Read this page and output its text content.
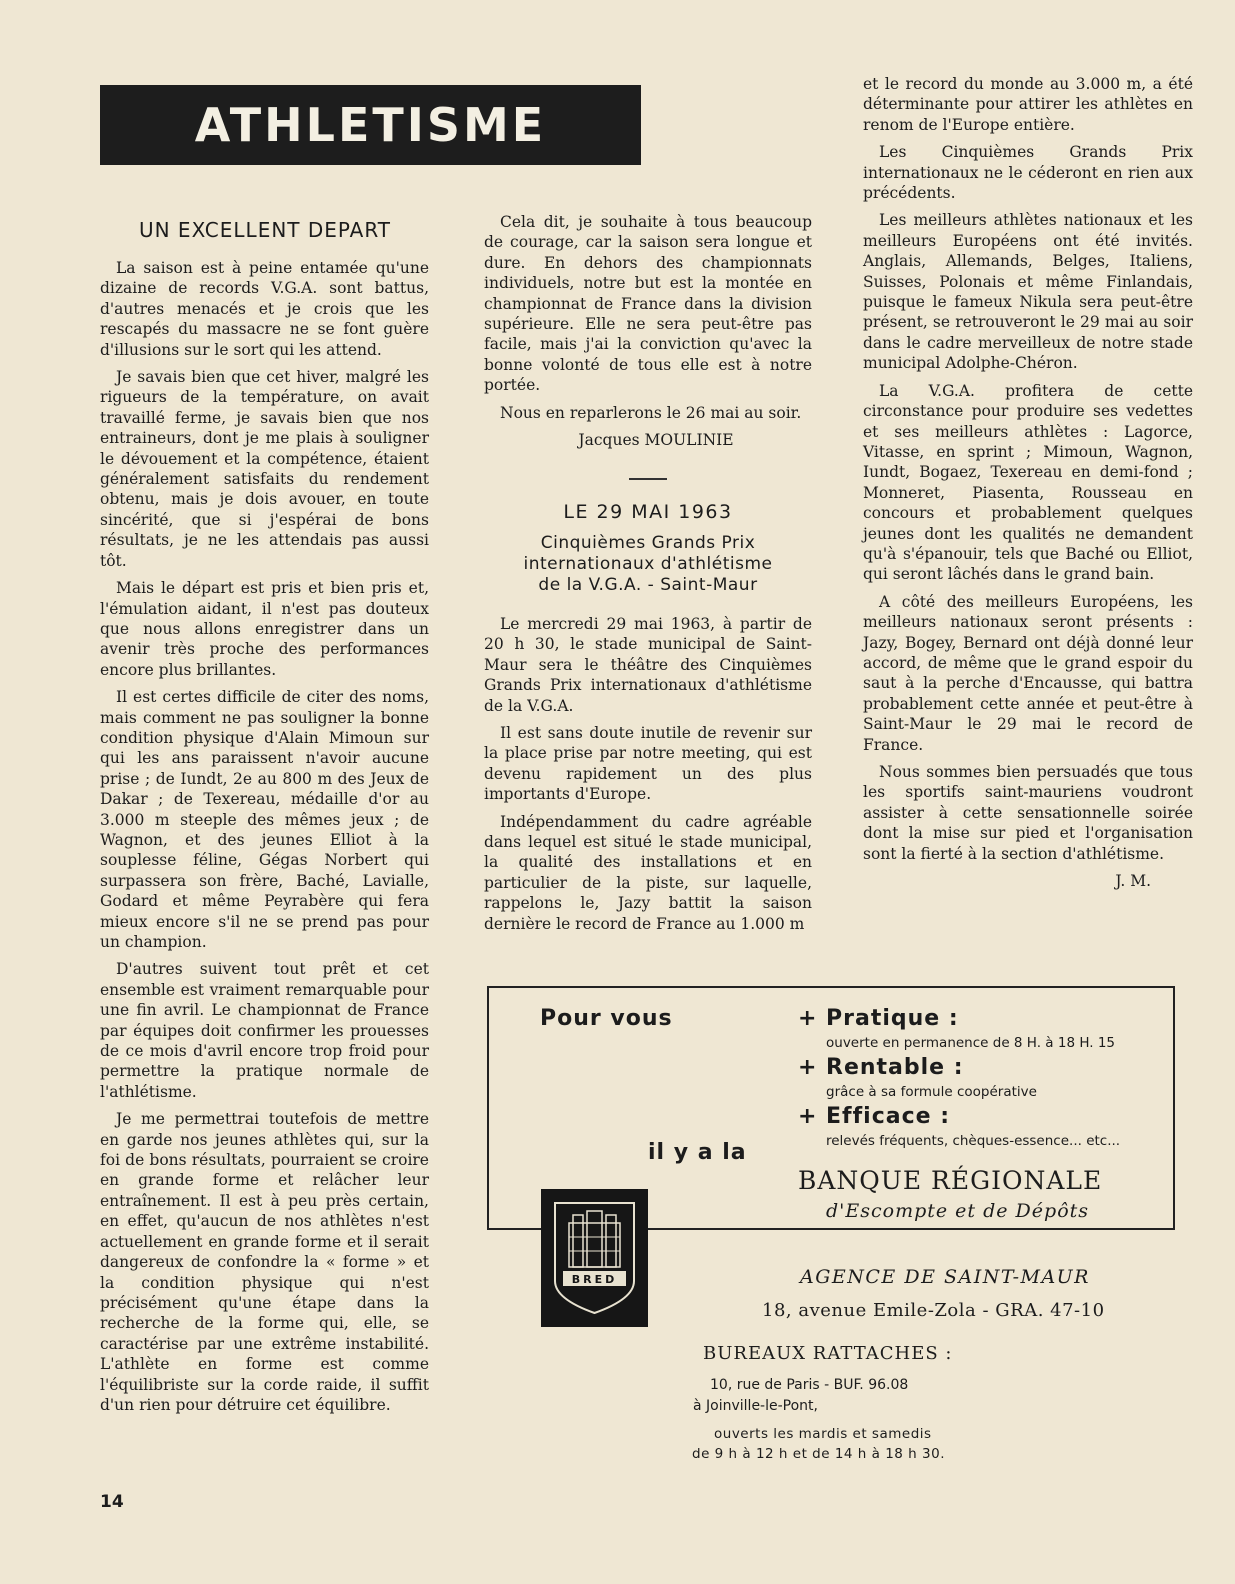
ATHLETISME
UN EXCELLENT DEPART

La saison est à peine entamée qu'une dizaine de records V.G.A. sont battus, d'autres menacés et je crois que les rescapés du massacre ne se font guère d'illusions sur le sort qui les attend.

Je savais bien que cet hiver, malgré les rigueurs de la température, on avait travaillé ferme, je savais bien que nos entraineurs, dont je me plais à souligner le dévouement et la compétence, étaient généralement satisfaits du rendement obtenu, mais je dois avouer, en toute sincérité, que si j'espérai de bons résultats, je ne les attendais pas aussi tôt.

Mais le départ est pris et bien pris et, l'émulation aidant, il n'est pas douteux que nous allons enregistrer dans un avenir très proche des performances encore plus brillantes.

Il est certes difficile de citer des noms, mais comment ne pas souligner la bonne condition physique d'Alain Mimoun sur qui les ans paraissent n'avoir aucune prise ; de Iundt, 2e au 800 m des Jeux de Dakar ; de Texereau, médaille d'or au 3.000 m steeple des mêmes jeux ; de Wagnon, et des jeunes Elliot à la souplesse féline, Gégas Norbert qui surpassera son frère, Baché, Lavialle, Godard et même Peyrabère qui fera mieux encore s'il ne se prend pas pour un champion.

D'autres suivent tout prêt et cet ensemble est vraiment remarquable pour une fin avril. Le championnat de France par équipes doit confirmer les prouesses de ce mois d'avril encore trop froid pour permettre la pratique normale de l'athlétisme.

Je me permettrai toutefois de mettre en garde nos jeunes athlètes qui, sur la foi de bons résultats, pourraient se croire en grande forme et relâcher leur entraînement. Il est à peu près certain, en effet, qu'aucun de nos athlètes n'est actuellement en grande forme et il serait dangereux de confondre la « forme » et la condition physique qui n'est précisément qu'une étape dans la recherche de la forme qui, elle, se caractérise par une extrême instabilité. L'athlète en forme est comme l'équilibriste sur la corde raide, il suffit d'un rien pour détruire cet équilibre.

Cela dit, je souhaite à tous beaucoup de courage, car la saison sera longue et dure. En dehors des championnats individuels, notre but est la montée en championnat de France dans la division supérieure. Elle ne sera peut-être pas facile, mais j'ai la conviction qu'avec la bonne volonté de tous elle est à notre portée.

Nous en reparlerons le 26 mai au soir.

Jacques MOULINIE

LE 29 MAI 1963
Cinquièmes Grands Prix
internationaux d'athlétisme
de la V.G.A. - Saint-Maur

Le mercredi 29 mai 1963, à partir de 20 h 30, le stade municipal de Saint-Maur sera le théâtre des Cinquièmes Grands Prix internationaux d'athlétisme de la V.G.A.

Il est sans doute inutile de revenir sur la place prise par notre meeting, qui est devenu rapidement un des plus importants d'Europe.

Indépendamment du cadre agréable dans lequel est situé le stade municipal, la qualité des installations et en particulier de la piste, sur laquelle, rappelons le, Jazy battit la saison dernière le record de France au 1.000 m

et le record du monde au 3.000 m, a été déterminante pour attirer les athlètes en renom de l'Europe entière.

Les Cinquièmes Grands Prix internationaux ne le céderont en rien aux précédents.

Les meilleurs athlètes nationaux et les meilleurs Européens ont été invités. Anglais, Allemands, Belges, Italiens, Suisses, Polonais et même Finlandais, puisque le fameux Nikula sera peut-être présent, se retrouveront le 29 mai au soir dans le cadre merveilleux de notre stade municipal Adolphe-Chéron.

La V.G.A. profitera de cette circonstance pour produire ses vedettes et ses meilleurs athlètes : Lagorce, Vitasse, en sprint ; Mimoun, Wagnon, Iundt, Bogaez, Texereau en demi-fond ; Monneret, Piasenta, Rousseau en concours et probablement quelques jeunes dont les qualités ne demandent qu'à s'épanouir, tels que Baché ou Elliot, qui seront lâchés dans le grand bain.

A côté des meilleurs Européens, les meilleurs nationaux seront présents : Jazy, Bogey, Bernard ont déjà donné leur accord, de même que le grand espoir du saut à la perche d'Encausse, qui battra probablement cette année et peut-être à Saint-Maur le 29 mai le record de France.

Nous sommes bien persuadés que tous les sportifs saint-mauriens voudront assister à cette sensationnelle soirée dont la mise sur pied et l'organisation sont la fierté à la section d'athlétisme.

J. M.

Pour vous
il y a la
+ Pratique :
ouverte en permanence de 8 H. à 18 H. 15
+ Rentable :
grâce à sa formule coopérative
+ Efficace :
relevés fréquents, chèques-essence... etc...
BANQUE RÉGIONALE
d'Escompte et de Dépôts
BRED	AGENCE DE SAINT-MAUR
18, avenue Emile-Zola - GRA. 47-10
BUREAUX RATTACHES :
10, rue de Paris - BUF. 96.08
à Joinville-le-Pont,
ouverts les mardis et samedis
de 9 h à 12 h et de 14 h à 18 h 30.
14
